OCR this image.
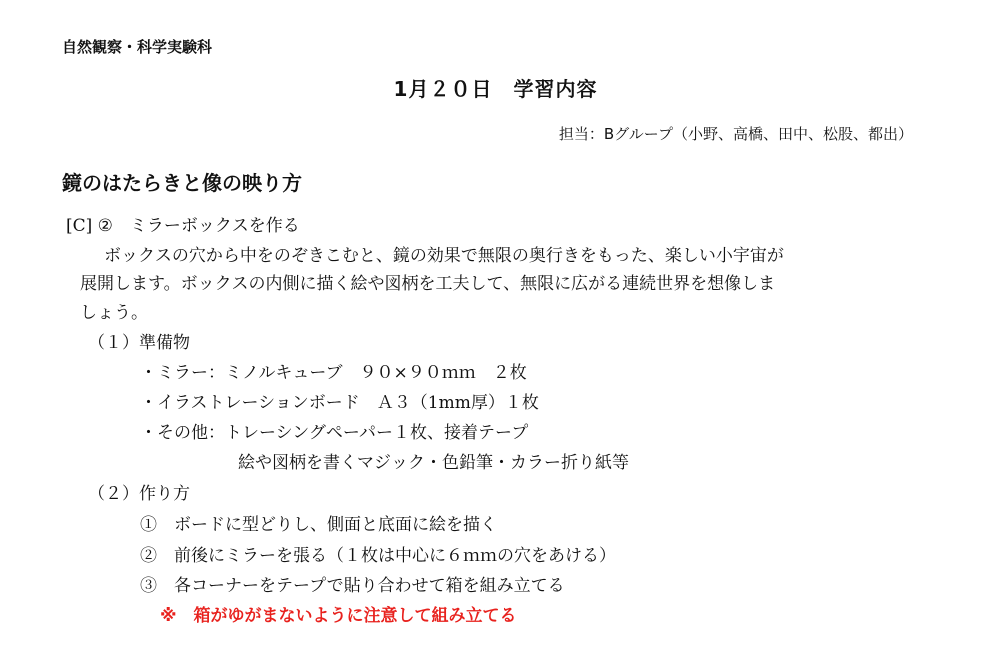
自然観察・科学実験科
1月２０日　学習内容
担当：Bグループ（小野、高橋、田中、松股、都出）
鏡のはたらきと像の映り方
[C] ②　ミラーボックスを作る
ボックスの穴から中をのぞきこむと、鏡の効果で無限の奥行きをもった、楽しい小宇宙が
展開します。ボックスの内側に描く絵や図柄を工夫して、無限に広がる連続世界を想像しま
しょう。
（１）準備物
・ミラー：ミノルキューブ　９０×９０ｍｍ　２枚
・イラストレーションボード　Ａ３（1mm厚）１枚
・その他：トレーシングペーパー１枚、接着テープ
絵や図柄を書くマジック・色鉛筆・カラー折り紙等
（２）作り方
①　ボードに型どりし、側面と底面に絵を描く
②　前後にミラーを張る（１枚は中心に６ｍｍの穴をあける）
③　各コーナーをテープで貼り合わせて箱を組み立てる
※　箱がゆがまないように注意して組み立てる
